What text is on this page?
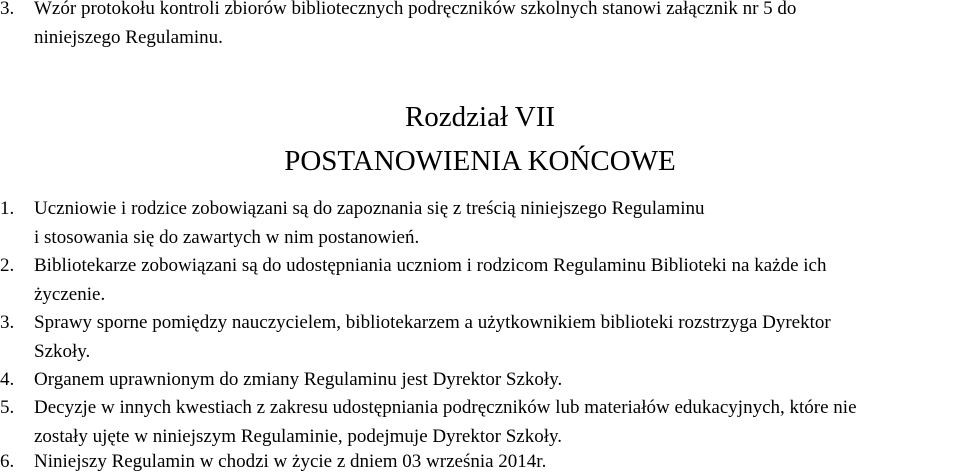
3.	Wzór protokołu kontroli zbiorów bibliotecznych podręczników szkolnych stanowi załącznik nr 5 do
niniejszego Regulaminu.
Rozdział VII
POSTANOWIENIA KOŃCOWE
1.	Uczniowie i rodzice zobowiązani są do zapoznania się z treścią niniejszego Regulaminu
i stosowania się do zawartych w nim postanowień.
2.	Bibliotekarze zobowiązani są do udostępniania uczniom i rodzicom Regulaminu Biblioteki na każde ich
życzenie.
3.	Sprawy sporne pomiędzy nauczycielem, bibliotekarzem a użytkownikiem biblioteki rozstrzyga Dyrektor
Szkoły.
4.	Organem uprawnionym do zmiany Regulaminu jest Dyrektor Szkoły.
5.	Decyzje w innych kwestiach z zakresu udostępniania podręczników lub materiałów edukacyjnych, które nie
zostały ujęte w niniejszym Regulaminie, podejmuje Dyrektor Szkoły.
6.	Niniejszy Regulamin w chodzi w życie z dniem 03 września 2014r.
